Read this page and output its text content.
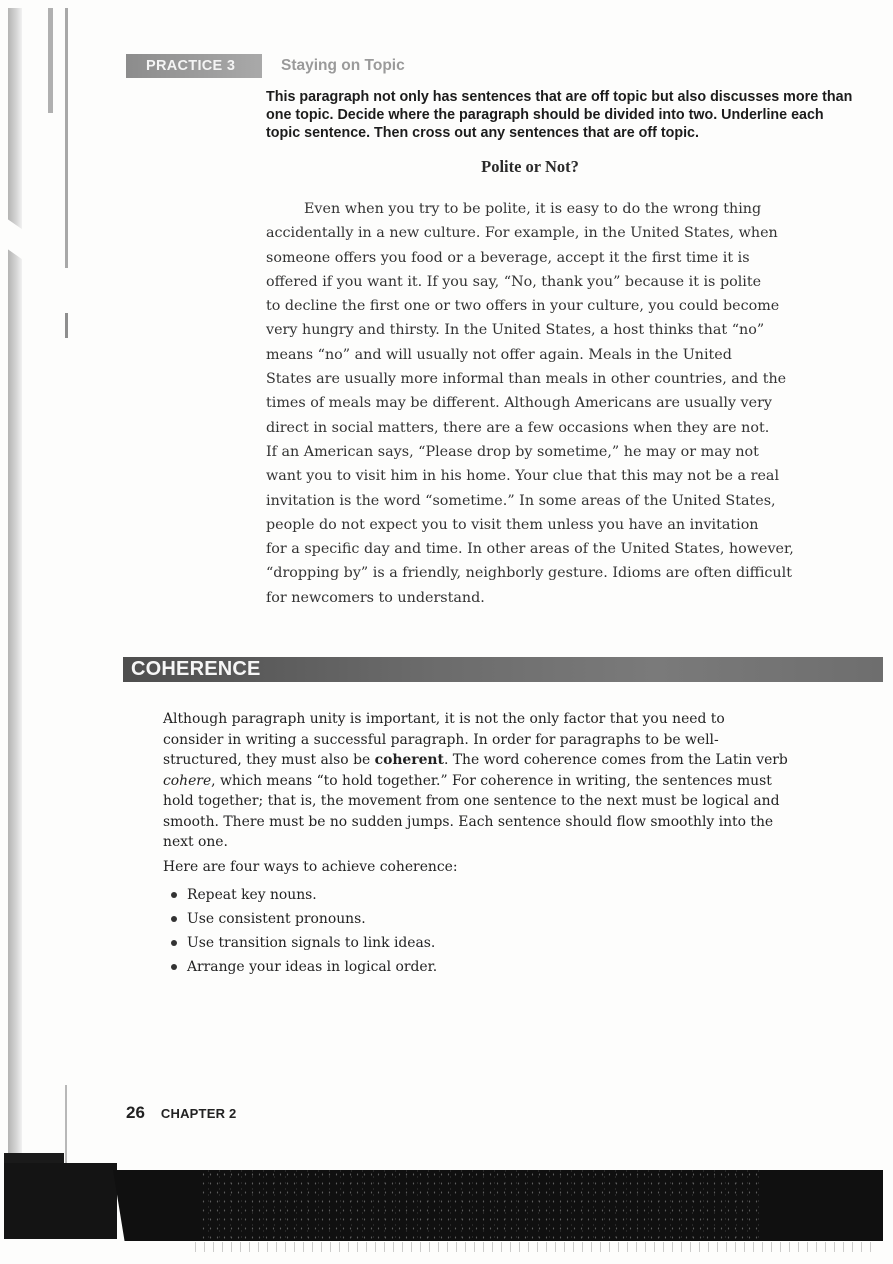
PRACTICE 3	Staying on Topic
This paragraph not only has sentences that are off topic but also discusses more than one topic. Decide where the paragraph should be divided into two. Underline each topic sentence. Then cross out any sentences that are off topic.
Polite or Not?
Even when you try to be polite, it is easy to do the wrong thing
accidentally in a new culture. For example, in the United States, when
someone offers you food or a beverage, accept it the first time it is
offered if you want it. If you say, “No, thank you” because it is polite
to decline the first one or two offers in your culture, you could become
very hungry and thirsty. In the United States, a host thinks that “no”
means “no” and will usually not offer again. Meals in the United
States are usually more informal than meals in other countries, and the
times of meals may be different. Although Americans are usually very
direct in social matters, there are a few occasions when they are not.
If an American says, “Please drop by sometime,” he may or may not
want you to visit him in his home. Your clue that this may not be a real
invitation is the word “sometime.” In some areas of the United States,
people do not expect you to visit them unless you have an invitation
for a specific day and time. In other areas of the United States, however,
“dropping by” is a friendly, neighborly gesture. Idioms are often difficult
for newcomers to understand.
COHERENCE
Although paragraph unity is important, it is not the only factor that you need to
consider in writing a successful paragraph. In order for paragraphs to be well-
structured, they must also be coherent. The word coherence comes from the Latin verb
cohere, which means “to hold together.” For coherence in writing, the sentences must
hold together; that is, the movement from one sentence to the next must be logical and
smooth. There must be no sudden jumps. Each sentence should flow smoothly into the
next one.
Here are four ways to achieve coherence:
Repeat key nouns.
Use consistent pronouns.
Use transition signals to link ideas.
Arrange your ideas in logical order.
26 CHAPTER 2
